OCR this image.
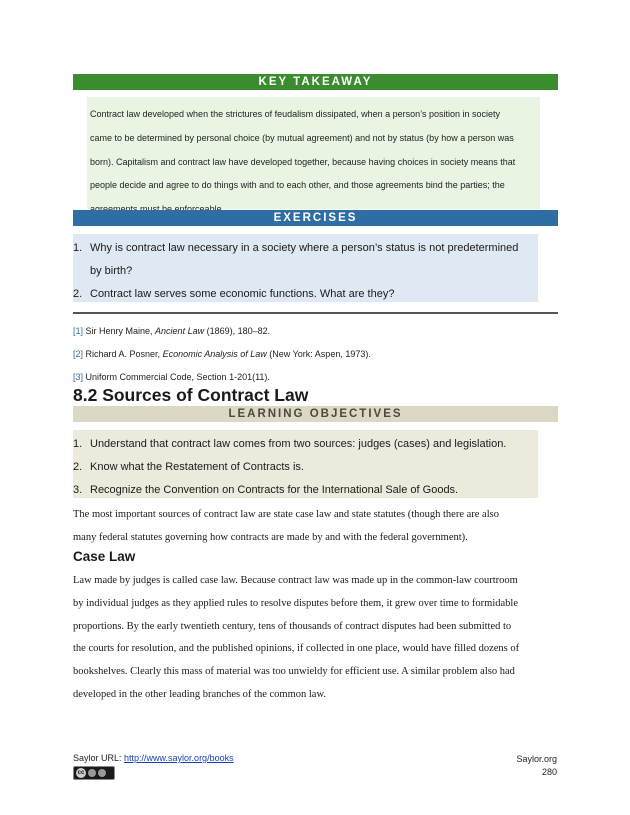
KEY TAKEAWAY
Contract law developed when the strictures of feudalism dissipated, when a person’s position in society
came to be determined by personal choice (by mutual agreement) and not by status (by how a person was
born). Capitalism and contract law have developed together, because having choices in society means that
people decide and agree to do things with and to each other, and those agreements bind the parties; the
EXERCISES
1. Why is contract law necessary in a society where a person’s status is not predetermined
by birth?
2. Contract law serves some economic functions. What are they?
[1] Sir Henry Maine, Ancient Law (1869), 180–82.
[2] Richard A. Posner, Economic Analysis of Law (New York: Aspen, 1973).
[3] Uniform Commercial Code, Section 1-201(11).
8.2 Sources of Contract Law
LEARNING OBJECTIVES
1. Understand that contract law comes from two sources: judges (cases) and legislation.
2. Know what the Restatement of Contracts is.
3. Recognize the Convention on Contracts for the International Sale of Goods.
The most important sources of contract law are state case law and state statutes (though there are also
many federal statutes governing how contracts are made by and with the federal government).
Case Law
Law made by judges is called case law. Because contract law was made up in the common-law courtroom
by individual judges as they applied rules to resolve disputes before them, it grew over time to formidable
proportions. By the early twentieth century, tens of thousands of contract disputes had been submitted to
the courts for resolution, and the published opinions, if collected in one place, would have filled dozens of
bookshelves. Clearly this mass of material was too unwieldy for efficient use. A similar problem also had
developed in the other leading branches of the common law.
Saylor URL: http://www.saylor.org/books
cc
Saylor.org
280
